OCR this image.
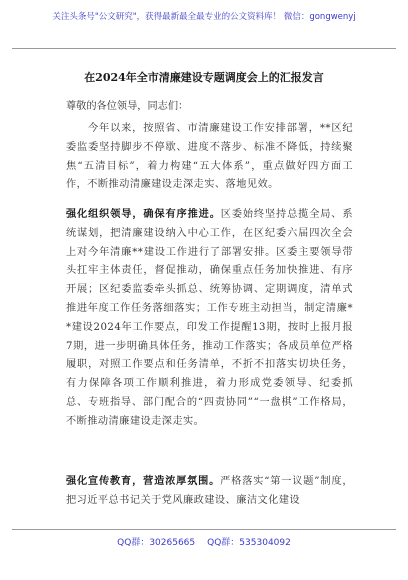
关注头条号"公文研究"，获得最新最全最专业的公文资料库！ 微信：gongwenyj
在2024年全市清廉建设专题调度会上的汇报发言
尊敬的各位领导，同志们：
今年以来，按照省、市清廉建设工作安排部署，**区纪委监委坚持脚步不停歇、进度不落步、标准不降低，持续聚焦“五清目标”，着力构建“五大体系”，重点做好四方面工作，不断推动清廉建设走深走实、落地见效。
强化组织领导，确保有序推进。区委始终坚持总揽全局、系统谋划，把清廉建设纳入中心工作，在区纪委六届四次全会上对今年清廉**建设工作进行了部署安排。区委主要领导带头扛牢主体责任，督促推动，确保重点任务加快推进、有序开展；区纪委监委牵头抓总、统筹协调、定期调度，清单式推进年度工作任务落细落实；工作专班主动担当，制定清廉**建设2024年工作要点，印发工作提醒13期，按时上报月报7期，进一步明确具体任务，推动工作落实；各成员单位严格履职，对照工作要点和任务清单，不折不扣落实切块任务，有力保障各项工作顺利推进，着力形成党委领导、纪委抓总、专班指导、部门配合的“四责协同”“一盘棋”工作格局，不断推动清廉建设走深走实。
强化宣传教育，营造浓厚氛围。严格落实“第一议题”制度，把习近平总书记关于党风廉政建设、廉洁文化建设
QQ群：30265665 QQ群：535304092
